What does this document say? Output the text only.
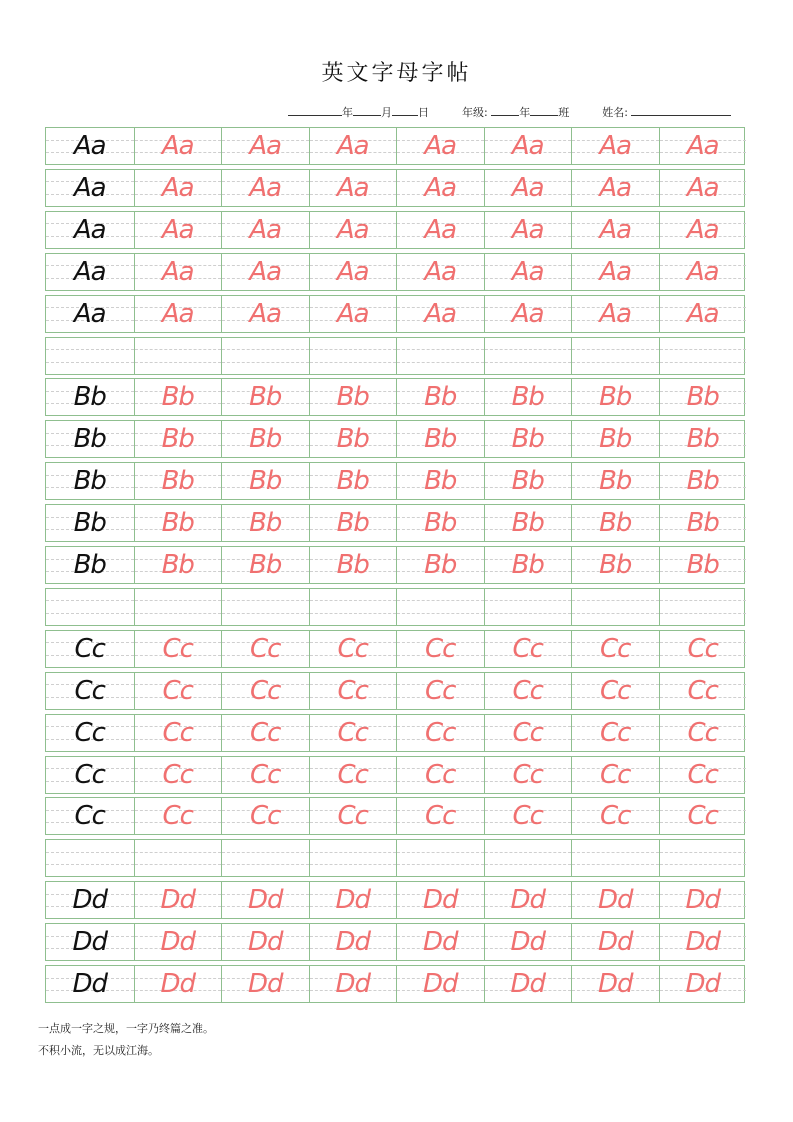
英文字母字帖
年	月 日	年级:	年	班	姓名:
Aa	Aa	Aa	Aa	Aa	Aa	Aa	Aa
Aa	Aa	Aa	Aa	Aa	Aa	Aa	Aa
Aa	Aa	Aa	Aa	Aa	Aa	Aa	Aa
Aa	Aa	Aa	Aa	Aa	Aa	Aa	Aa
Aa	Aa	Aa	Aa	Aa	Aa	Aa	Aa
Bb	Bb	Bb	Bb	Bb	Bb	Bb	Bb
Bb	Bb	Bb	Bb	Bb	Bb	Bb	Bb
Bb	Bb	Bb	Bb	Bb	Bb	Bb	Bb
Bb	Bb	Bb	Bb	Bb	Bb	Bb	Bb
Bb	Bb	Bb	Bb	Bb	Bb	Bb	Bb
Cc	Cc	Cc	Cc	Cc	Cc	Cc	Cc
Cc	Cc	Cc	Cc	Cc	Cc	Cc	Cc
Cc	Cc	Cc	Cc	Cc	Cc	Cc	Cc
Cc	Cc	Cc	Cc	Cc	Cc	Cc	Cc
Cc	Cc	Cc	Cc	Cc	Cc	Cc	Cc
Dd	Dd	Dd	Dd	Dd	Dd	Dd	Dd
Dd	Dd	Dd	Dd	Dd	Dd	Dd	Dd
Dd	Dd	Dd	Dd	Dd	Dd	Dd	Dd
一点成一字之规，一字乃终篇之准。
不积小流，无以成江海。
